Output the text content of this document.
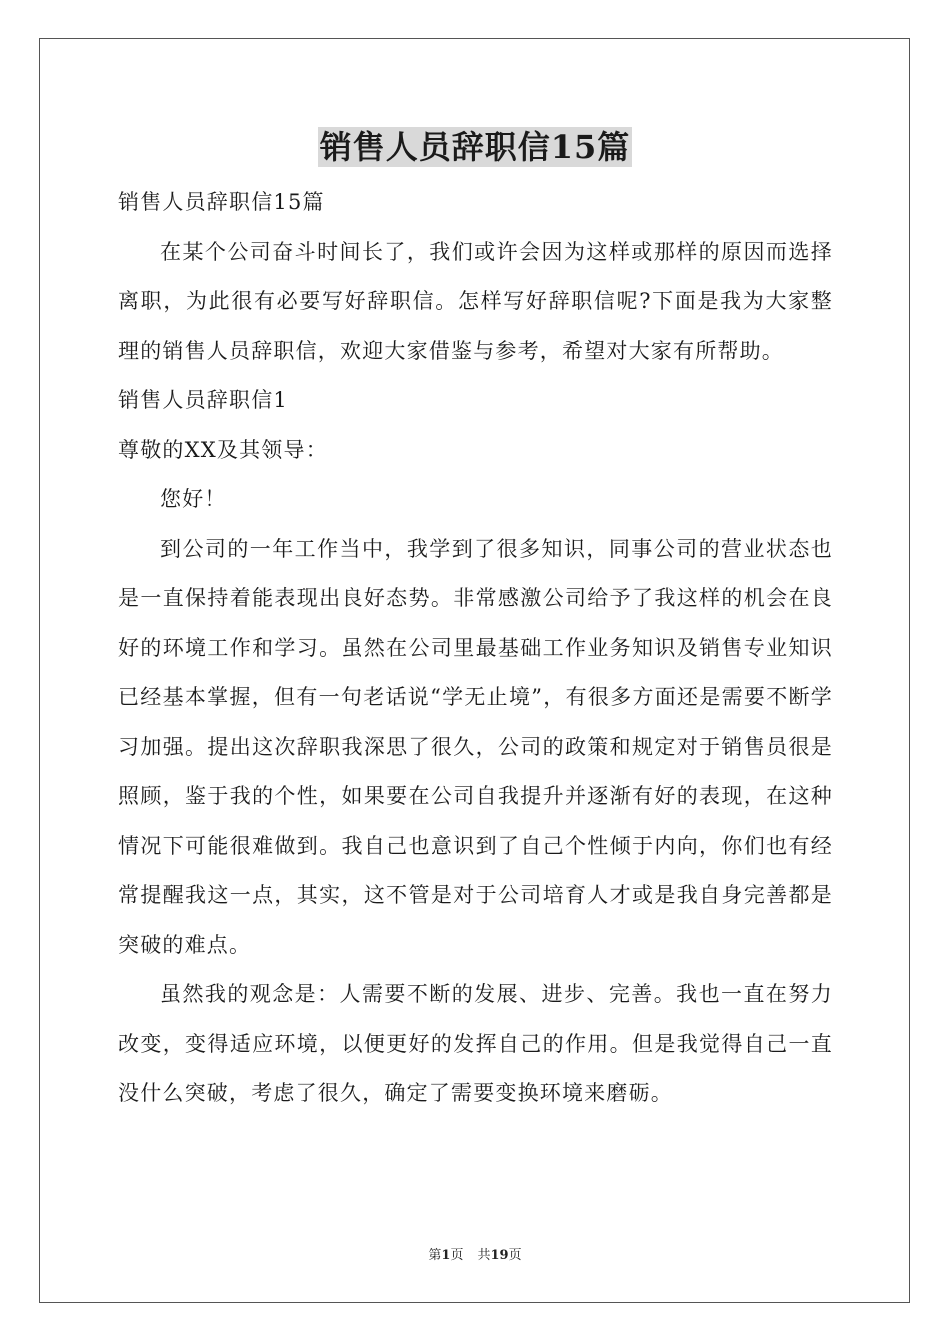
销售人员辞职信15篇

销售人员辞职信15篇

在某个公司奋斗时间长了，我们或许会因为这样或那样的原因而选择离职，为此很有必要写好辞职信。怎样写好辞职信呢?下面是我为大家整理的销售人员辞职信，欢迎大家借鉴与参考，希望对大家有所帮助。

销售人员辞职信1

尊敬的XX及其领导：

您好！

到公司的一年工作当中，我学到了很多知识，同事公司的营业状态也是一直保持着能表现出良好态势。非常感激公司给予了我这样的机会在良好的环境工作和学习。虽然在公司里最基础工作业务知识及销售专业知识已经基本掌握，但有一句老话说“学无止境”，有很多方面还是需要不断学习加强。提出这次辞职我深思了很久，公司的政策和规定对于销售员很是照顾，鉴于我的个性，如果要在公司自我提升并逐渐有好的表现，在这种情况下可能很难做到。我自己也意识到了自己个性倾于内向，你们也有经常提醒我这一点，其实，这不管是对于公司培育人才或是我自身完善都是突破的难点。

虽然我的观念是：人需要不断的发展、进步、完善。我也一直在努力改变，变得适应环境，以便更好的发挥自己的作用。但是我觉得自己一直没什么突破，考虑了很久，确定了需要变换环境来磨砺。

第1页 共19页
